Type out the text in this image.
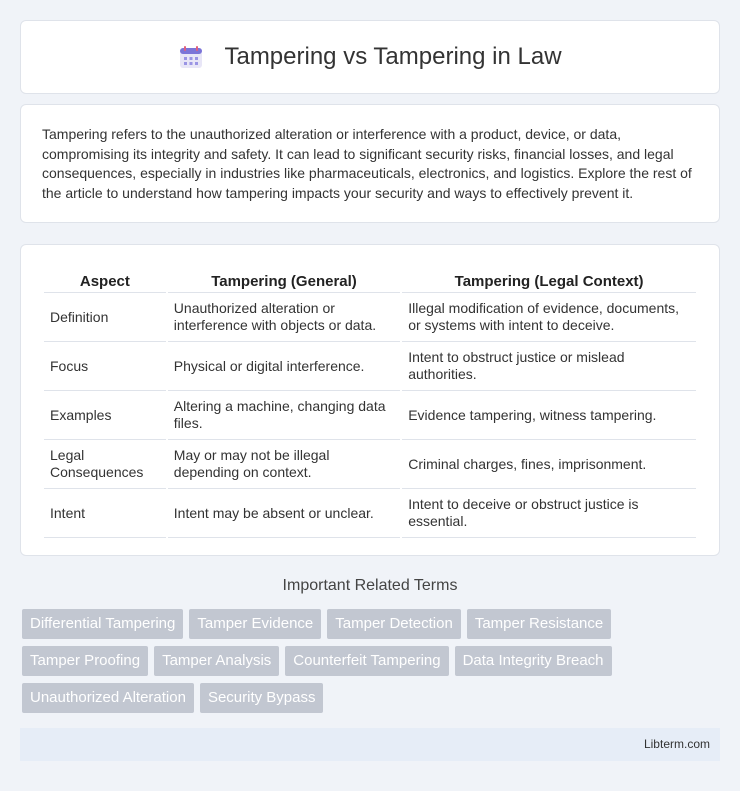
Tampering vs Tampering in Law

Tampering refers to the unauthorized alteration or interference with a product, device, or data, compromising its integrity and safety. It can lead to significant security risks, financial losses, and legal consequences, especially in industries like pharmaceuticals, electronics, and logistics. Explore the rest of the article to understand how tampering impacts your security and ways to effectively prevent it.

Aspect	Tampering (General)	Tampering (Legal Context)
Definition	Unauthorized alteration or interference with objects or data.	Illegal modification of evidence, documents, or systems with intent to deceive.
Focus	Physical or digital interference.	Intent to obstruct justice or mislead authorities.
Examples	Altering a machine, changing data files.	Evidence tampering, witness tampering.
Legal Consequences	May or may not be illegal depending on context.	Criminal charges, fines, imprisonment.
Intent	Intent may be absent or unclear.	Intent to deceive or obstruct justice is essential.
Important Related Terms
Differential Tampering	Tamper Evidence	Tamper Detection	Tamper Resistance
Tamper Proofing	Tamper Analysis	Counterfeit Tampering	Data Integrity Breach
Unauthorized Alteration	Security Bypass
Libterm.com
